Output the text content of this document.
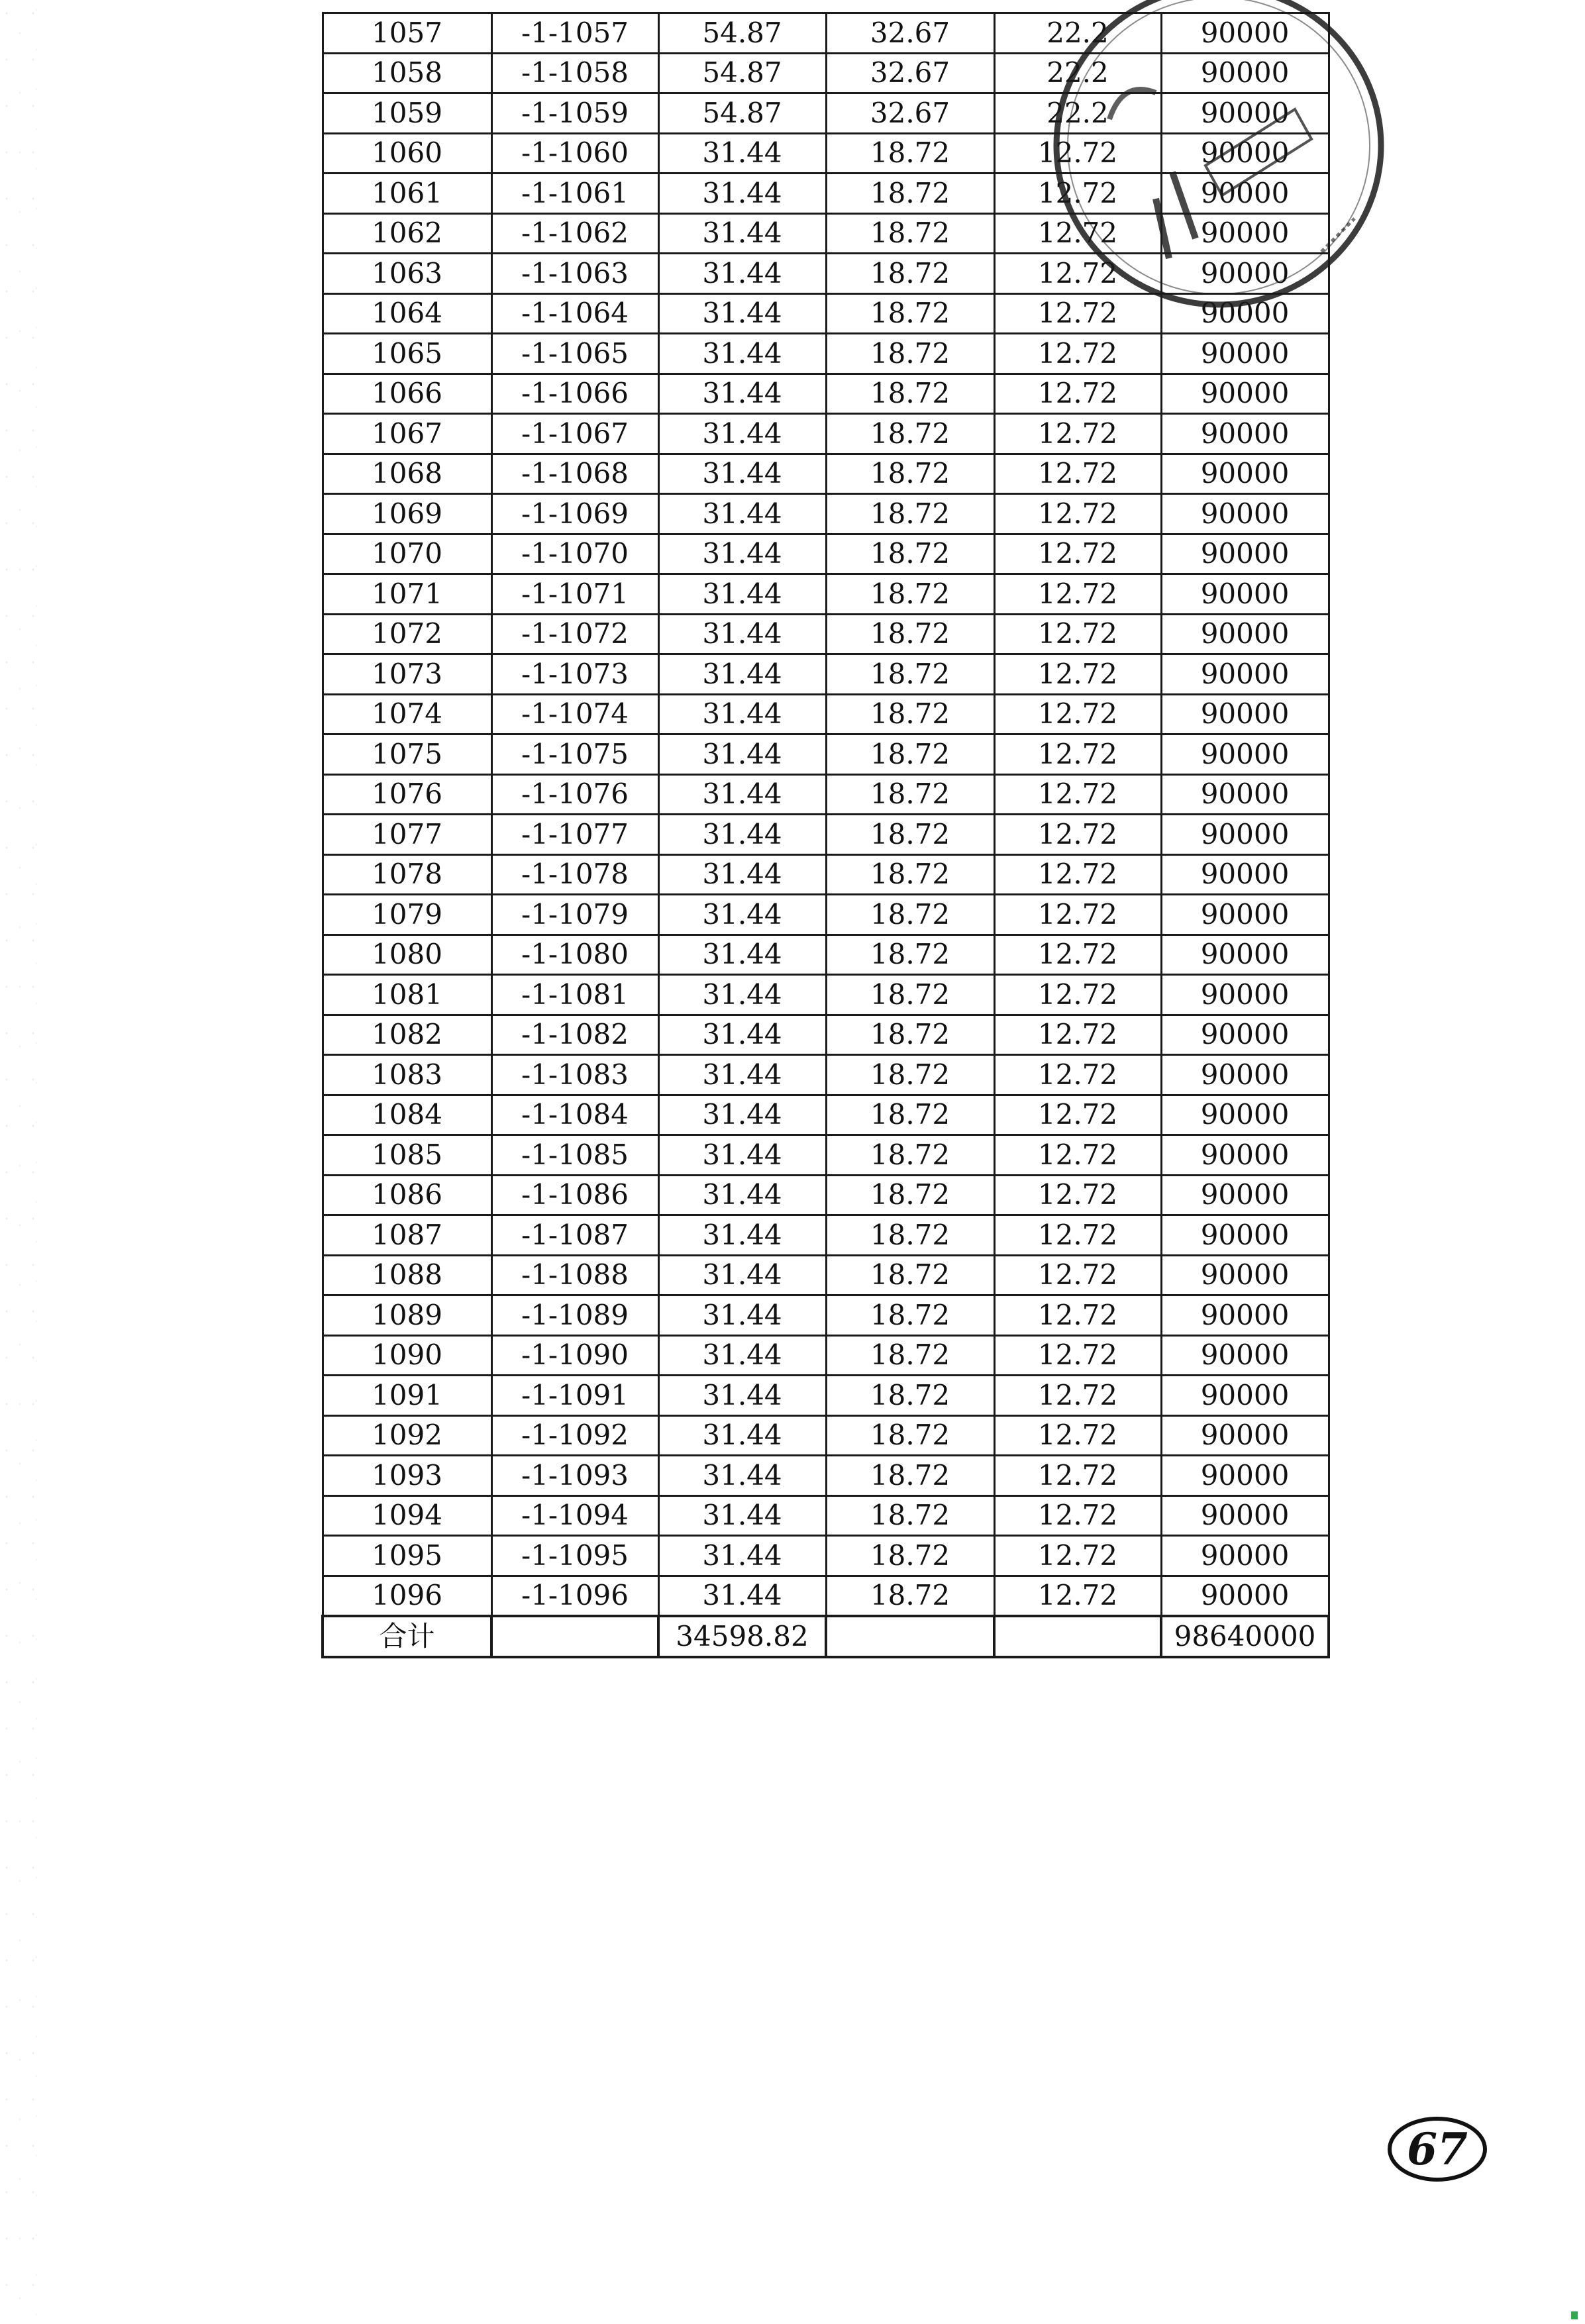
1057	-1-1057	54.87	32.67	22.2	90000
1058	-1-1058	54.87	32.67	22.2	90000
1059	-1-1059	54.87	32.67	22.2	90000
1060	-1-1060	31.44	18.72	12.72	90000
1061	-1-1061	31.44	18.72	12.72	90000
1062	-1-1062	31.44	18.72	12.72	90000
1063	-1-1063	31.44	18.72	12.72	90000
1064	-1-1064	31.44	18.72	12.72	90000
1065	-1-1065	31.44	18.72	12.72	90000
1066	-1-1066	31.44	18.72	12.72	90000
1067	-1-1067	31.44	18.72	12.72	90000
1068	-1-1068	31.44	18.72	12.72	90000
1069	-1-1069	31.44	18.72	12.72	90000
1070	-1-1070	31.44	18.72	12.72	90000
1071	-1-1071	31.44	18.72	12.72	90000
1072	-1-1072	31.44	18.72	12.72	90000
1073	-1-1073	31.44	18.72	12.72	90000
1074	-1-1074	31.44	18.72	12.72	90000
1075	-1-1075	31.44	18.72	12.72	90000
1076	-1-1076	31.44	18.72	12.72	90000
1077	-1-1077	31.44	18.72	12.72	90000
1078	-1-1078	31.44	18.72	12.72	90000
1079	-1-1079	31.44	18.72	12.72	90000
1080	-1-1080	31.44	18.72	12.72	90000
1081	-1-1081	31.44	18.72	12.72	90000
1082	-1-1082	31.44	18.72	12.72	90000
1083	-1-1083	31.44	18.72	12.72	90000
1084	-1-1084	31.44	18.72	12.72	90000
1085	-1-1085	31.44	18.72	12.72	90000
1086	-1-1086	31.44	18.72	12.72	90000
1087	-1-1087	31.44	18.72	12.72	90000
1088	-1-1088	31.44	18.72	12.72	90000
1089	-1-1089	31.44	18.72	12.72	90000
1090	-1-1090	31.44	18.72	12.72	90000
1091	-1-1091	31.44	18.72	12.72	90000
1092	-1-1092	31.44	18.72	12.72	90000
1093	-1-1093	31.44	18.72	12.72	90000
1094	-1-1094	31.44	18.72	12.72	90000
1095	-1-1095	31.44	18.72	12.72	90000
1096	-1-1096	31.44	18.72	12.72	90000
合计		34598.82			98640000
67
